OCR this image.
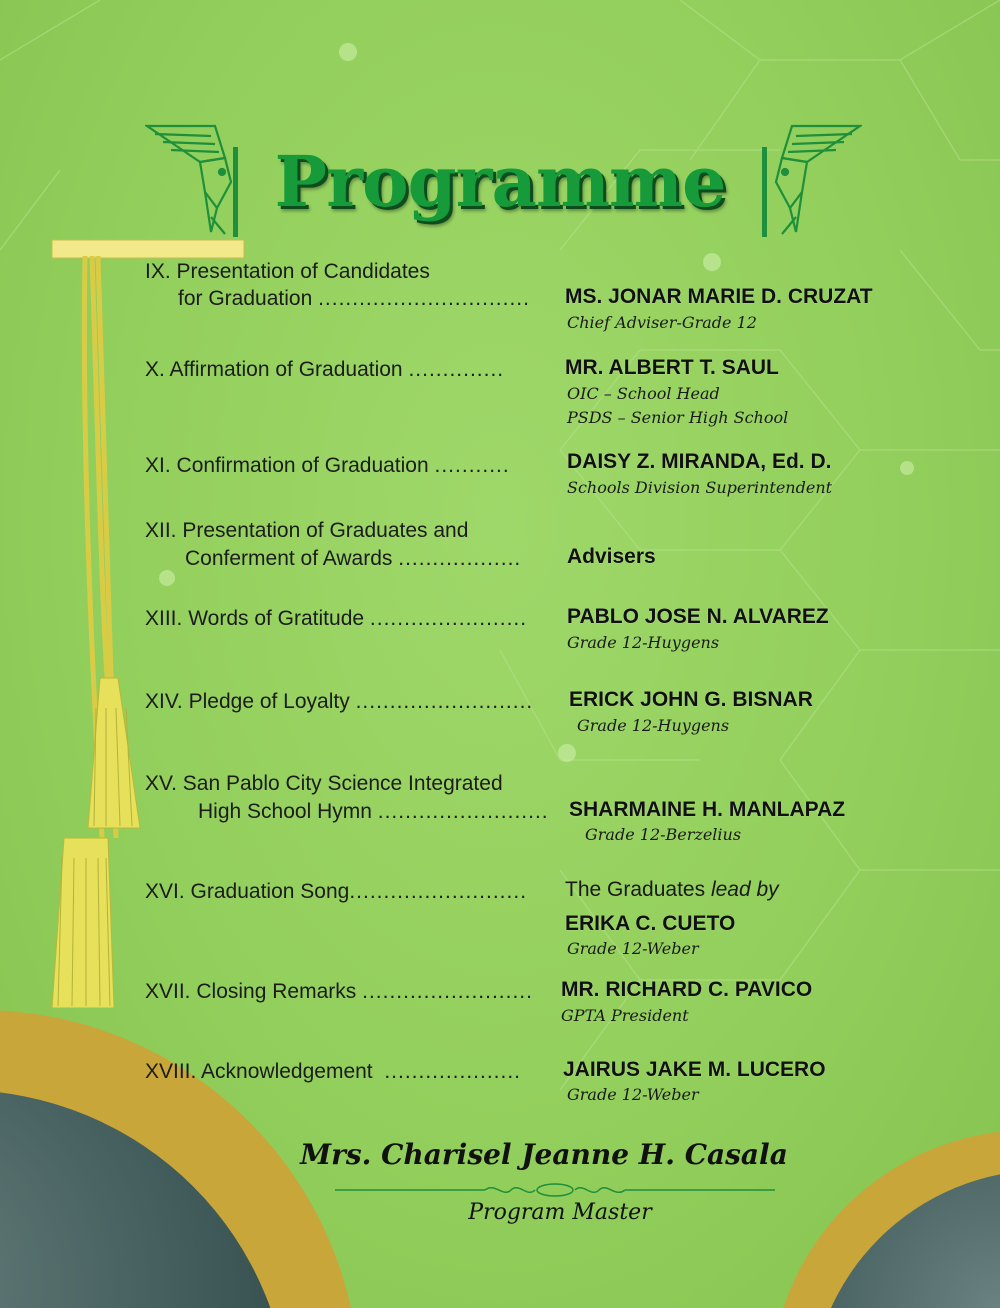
Programme
IX. Presentation of Candidates
for Graduation ............................... MS. JONAR MARIE D. CRUZAT
Chief Adviser-Grade 12
X. Affirmation of Graduation ..............	MR. ALBERT T. SAUL
OIC – School Head
PSDS – Senior High School
XI. Confirmation of Graduation ...........	DAISY Z. MIRANDA, Ed. D.
Schools Division Superintendent
XII. Presentation of Graduates and
Conferment of Awards .................. Advisers
XIII. Words of Gratitude ....................... PABLO JOSE N. ALVAREZ
Grade 12-Huygens
XIV. Pledge of Loyalty .......................... ERICK JOHN G. BISNAR
Grade 12-Huygens
XV. San Pablo City Science Integrated
High School Hymn ......................... SHARMAINE H. MANLAPAZ
Grade 12-Berzelius
XVI. Graduation Song.......................... The Graduates lead by
ERIKA C. CUETO
Grade 12-Weber
XVII. Closing Remarks ......................... MR. RICHARD C. PAVICO
GPTA President
XVIII. Acknowledgement .................... JAIRUS JAKE M. LUCERO
Grade 12-Weber
Mrs. Charisel Jeanne H. Casala
Program Master
